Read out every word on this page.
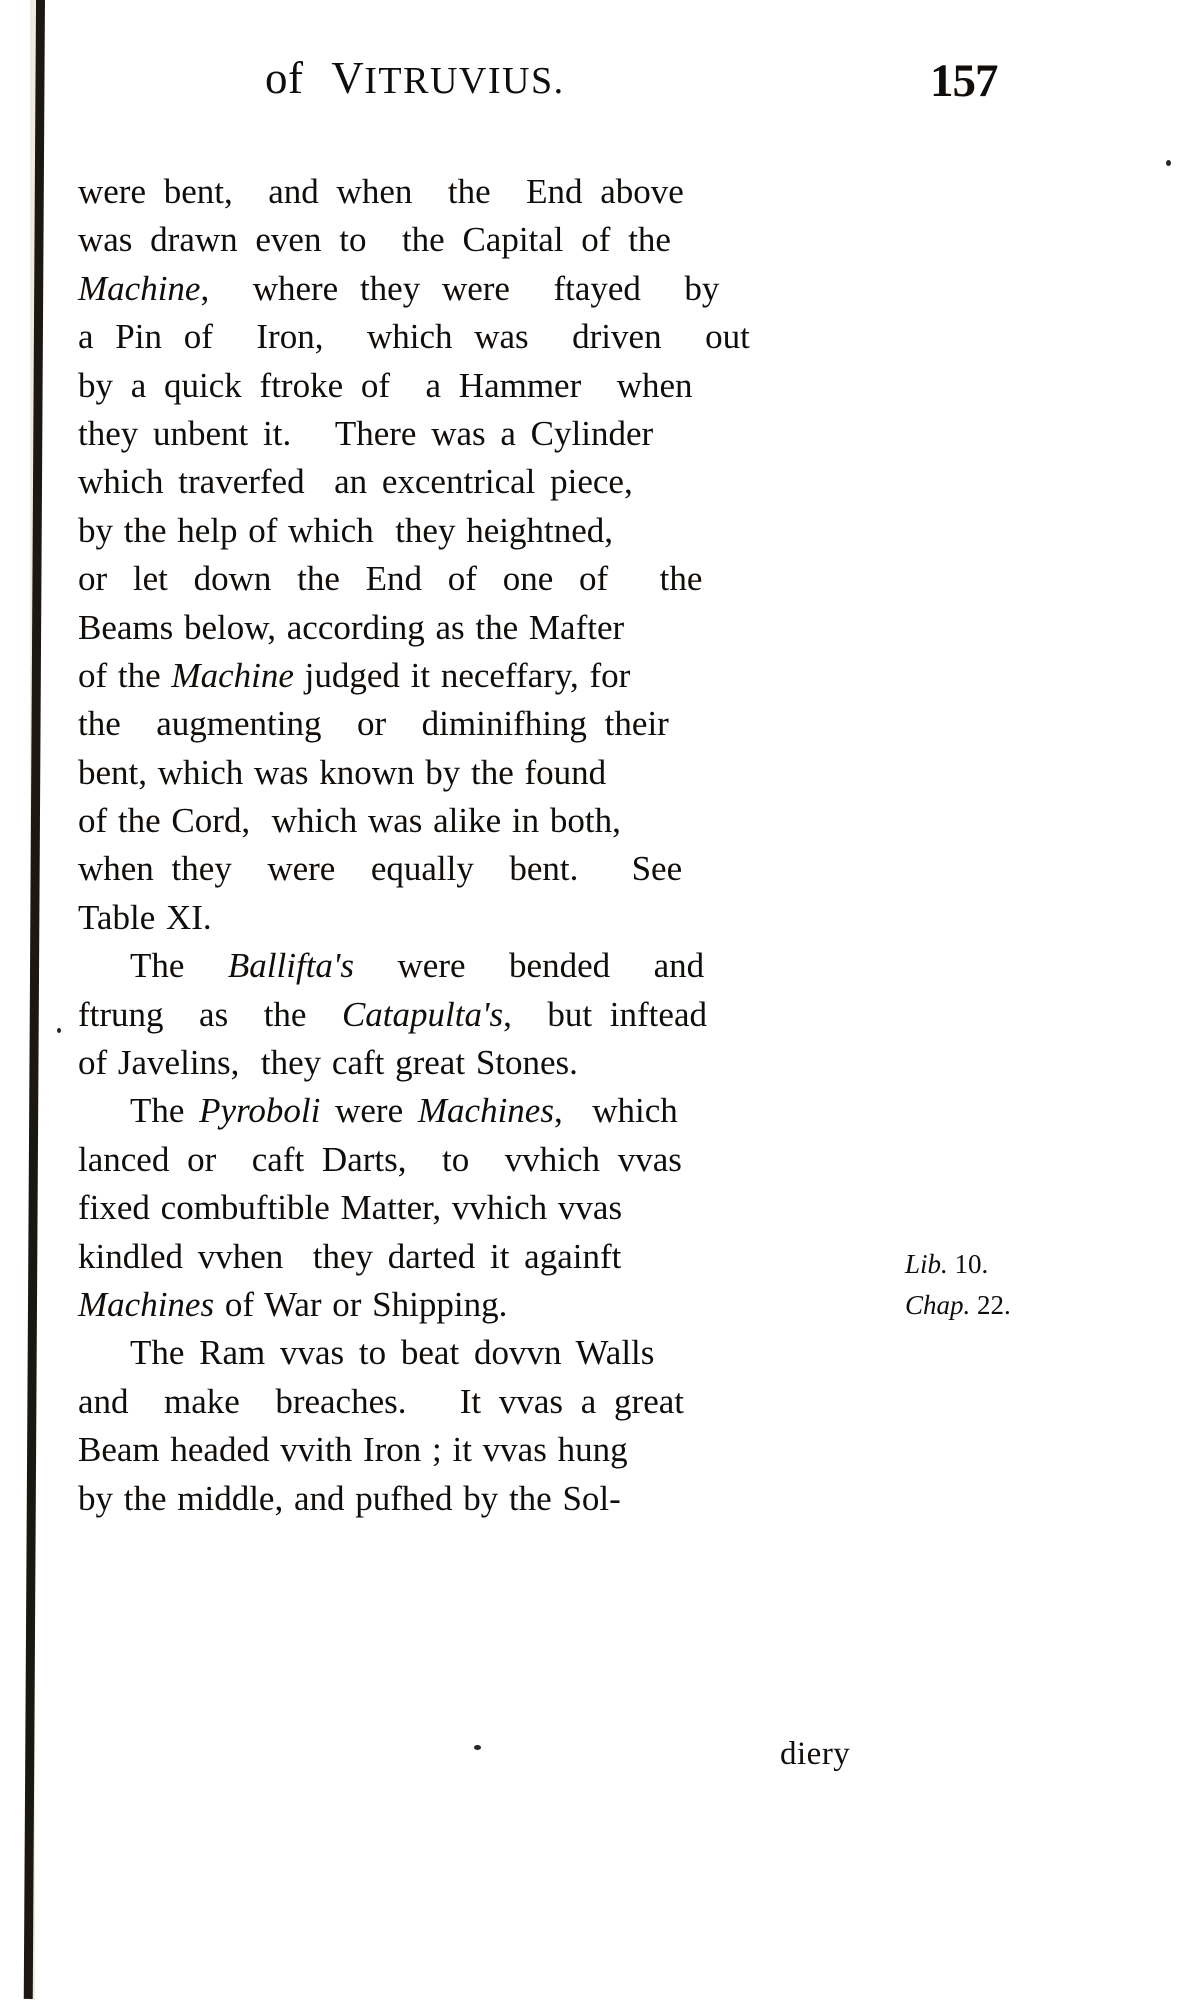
of VITRUVIUS.	157
were bent,  and when  the  End above
was drawn even to  the Capital of the
Machine,  where they were  ftayed  by
a Pin of  Iron,  which was  driven  out
by a quick ftroke of  a Hammer  when
they unbent it.   There was a Cylinder
which traverfed  an excentrical piece,
by the help of which  they heightned,
or let down the End of one of  the
Beams below, according as the Mafter
of the Machine judged it neceffary, for
the  augmenting  or  diminifhing their
bent, which was known by the found
of the Cord,  which was alike in both,
when they  were  equally  bent.   See
Table XI.
The  Ballifta's  were  bended  and
ftrung  as  the  Catapulta's,  but inftead
of Javelins,  they caft great Stones.
The Pyroboli were Machines,  which
lanced or  caft Darts,  to  vvhich vvas
fixed combuftible Matter, vvhich vvas
kindled vvhen  they darted it againft
Machines of War or Shipping.
The Ram vvas to beat dovvn Walls
and  make  breaches.   It vvas a great
Beam headed vvith Iron ; it vvas hung
by the middle, and pufhed by the Sol-
Lib. 10.
Chap. 22.
diery
